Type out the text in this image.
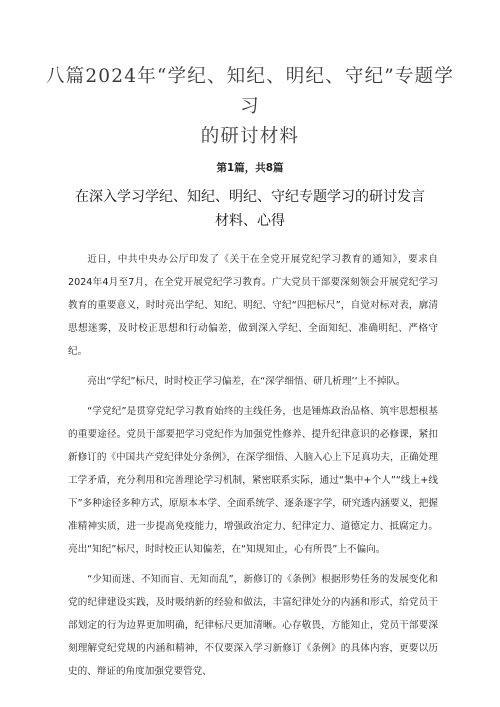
八篇2024年“学纪、知纪、明纪、守纪”专题学习
的研讨材料
第1篇，共8篇
在深入学习学纪、知纪、明纪、守纪专题学习的研讨发言
材料、心得

近日，中共中央办公厅印发了《关于在全党开展党纪学习教育的通知》，要求自2024年4月至7月，在全党开展党纪学习教育。广大党员干部要深刻领会开展党纪学习教育的重要意义，时时亮出学纪、知纪、明纪、守纪“四把标尺”，自觉对标对表，廓清思想迷雾，及时校正思想和行动偏差，做到深入学纪、全面知纪、准确明纪、严格守纪。

亮出“学纪”标尺，时时校正学习偏差，在“深学细悟、研几析理’‘上不掉队。

“学党纪”是贯穿党纪学习教育始终的主线任务，也是锤炼政治品格、筑牢思想根基的重要途径。党员干部要把学习党纪作为加强党性修养、提升纪律意识的必修课，紧扣新修订的《中国共产党纪律处分条例》，在深学细悟、入脑入心上下足真功夫，正确处理工学矛盾，充分利用和完善理论学习机制，紧密联系实际，通过“集中+个人”“线上+线下”多种途径多种方式，原原本本学、全面系统学、逐条逐字学，研究透内涵要义，把握准精神实质，进一步提高免疫能力，增强政治定力、纪律定力、道德定力、抵腐定力。亮出“知纪”标尺，时时校正认知偏差，在“知规知止，心有所畏”上不偏向。

“少知而迷、不知而盲、无知而乱”，新修订的《条例》根据形势任务的发展变化和党的纪律建设实践，及时吸纳新的经验和做法，丰富纪律处分的内涵和形式，给党员干部划定的行为边界更加明确，纪律标尺更加清晰。心存敬畏，方能知止，党员干部要深刻理解党纪党规的内涵和精神，不仅要深入学习新修订《条例》的具体内容，更要以历史的、辩证的角度加强党要管党、
